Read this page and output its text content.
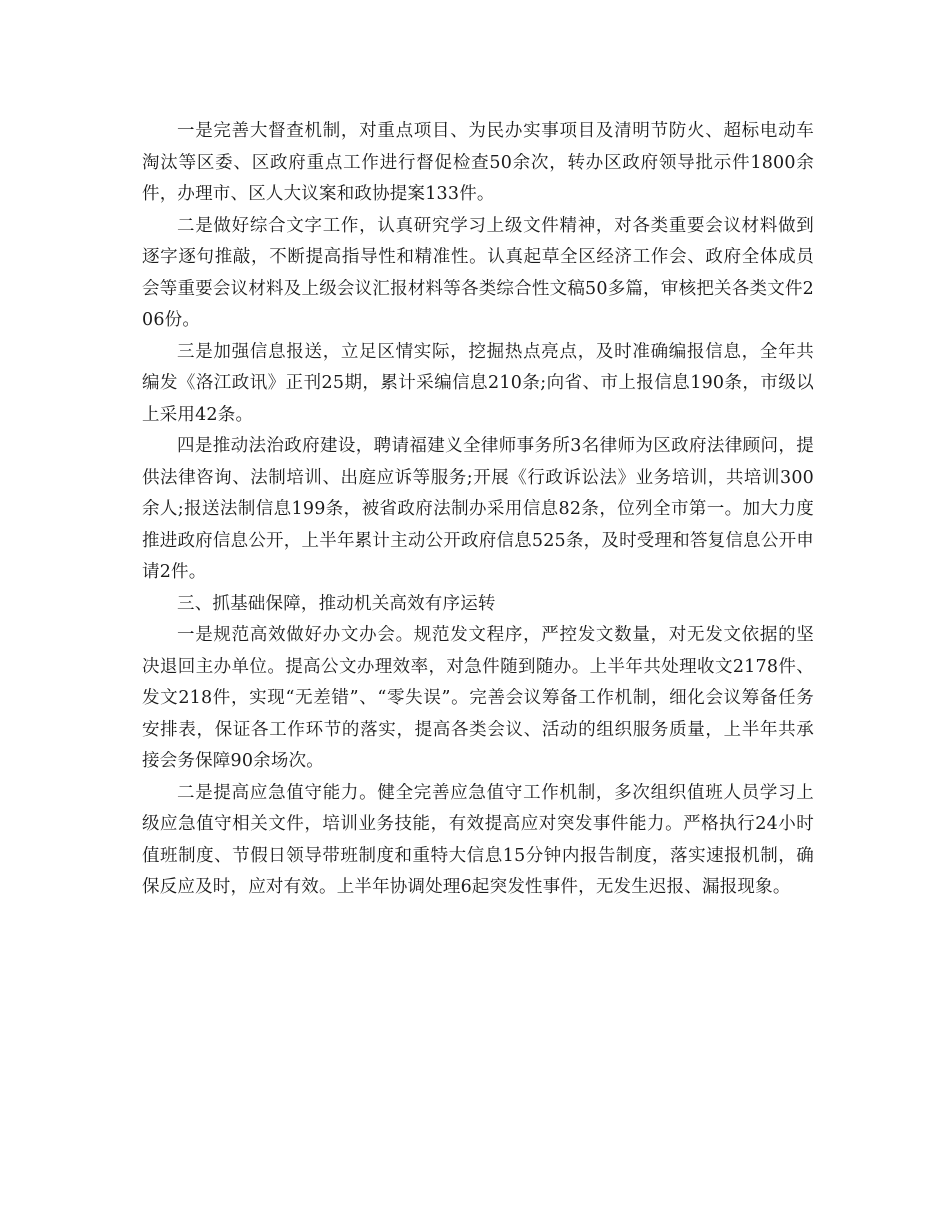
一是完善大督查机制，对重点项目、为民办实事项目及清明节防火、超标电动车淘汰等区委、区政府重点工作进行督促检查50余次，转办区政府领导批示件1800余件，办理市、区人大议案和政协提案133件。

二是做好综合文字工作，认真研究学习上级文件精神，对各类重要会议材料做到逐字逐句推敲，不断提高指导性和精准性。认真起草全区经济工作会、政府全体成员会等重要会议材料及上级会议汇报材料等各类综合性文稿50多篇，审核把关各类文件206份。

三是加强信息报送，立足区情实际，挖掘热点亮点，及时准确编报信息，全年共编发《洛江政讯》正刊25期，累计采编信息210条;向省、市上报信息190条，市级以上采用42条。

四是推动法治政府建设，聘请福建义全律师事务所3名律师为区政府法律顾问，提供法律咨询、法制培训、出庭应诉等服务;开展《行政诉讼法》业务培训，共培训300余人;报送法制信息199条，被省政府法制办采用信息82条，位列全市第一。加大力度推进政府信息公开，上半年累计主动公开政府信息525条，及时受理和答复信息公开申请2件。

三、抓基础保障，推动机关高效有序运转

一是规范高效做好办文办会。规范发文程序，严控发文数量，对无发文依据的坚决退回主办单位。提高公文办理效率，对急件随到随办。上半年共处理收文2178件、发文218件，实现“无差错”、“零失误”。完善会议筹备工作机制，细化会议筹备任务安排表，保证各工作环节的落实，提高各类会议、活动的组织服务质量，上半年共承接会务保障90余场次。

二是提高应急值守能力。健全完善应急值守工作机制，多次组织值班人员学习上级应急值守相关文件，培训业务技能，有效提高应对突发事件能力。严格执行24小时值班制度、节假日领导带班制度和重特大信息15分钟内报告制度，落实速报机制，确保反应及时，应对有效。上半年协调处理6起突发性事件，无发生迟报、漏报现象。
